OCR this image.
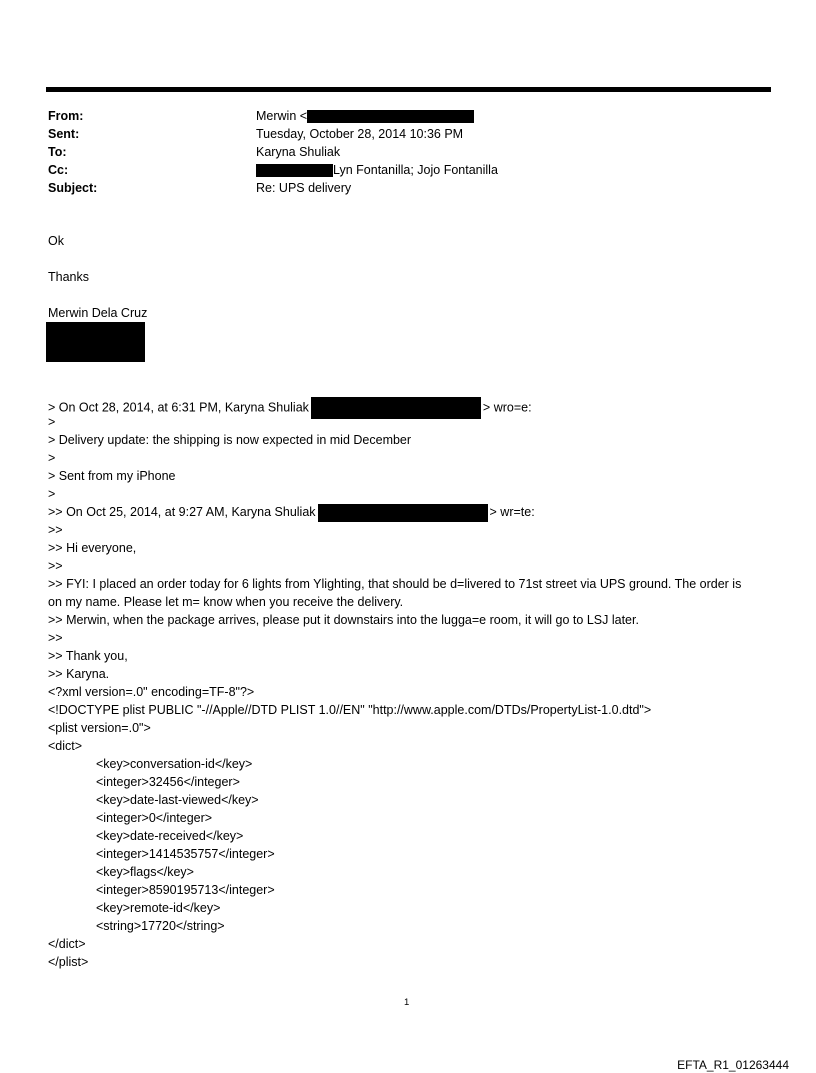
From:	Merwin <
Sent:	Tuesday, October 28, 2014 10:36 PM
To:	Karyna Shuliak
Cc:	Lyn Fontanilla; Jojo Fontanilla
Subject:	Re: UPS delivery
Ok
Thanks
Merwin Dela Cruz
> On Oct 28, 2014, at 6:31 PM, Karyna Shuliak	> wro=e:
>
> Delivery update: the shipping is now expected in mid December
>
> Sent from my iPhone
>
>> On Oct 25, 2014, at 9:27 AM, Karyna Shuliak	> wr=te:
>>
>> Hi everyone,
>>
>> FYI: I placed an order today for 6 lights from Ylighting, that should be d=livered to 71st street via UPS ground. The order is on my name. Please let m= know when you receive the delivery.
>> Merwin, when the package arrives, please put it downstairs into the lugga=e room, it will go to LSJ later.
>>
>> Thank you,
>> Karyna.
<?xml version=.0" encoding=TF-8"?>
<!DOCTYPE plist PUBLIC "-//Apple//DTD PLIST 1.0//EN" "http://www.apple.com/DTDs/PropertyList-1.0.dtd">
<plist version=.0">
<dict>
<key>conversation-id</key>
<integer>32456</integer>
<key>date-last-viewed</key>
<integer>0</integer>
<key>date-received</key>
<integer>1414535757</integer>
<key>flags</key>
<integer>8590195713</integer>
<key>remote-id</key>
<string>17720</string>
</dict>
</plist>
1
EFTA_R1_01263444
